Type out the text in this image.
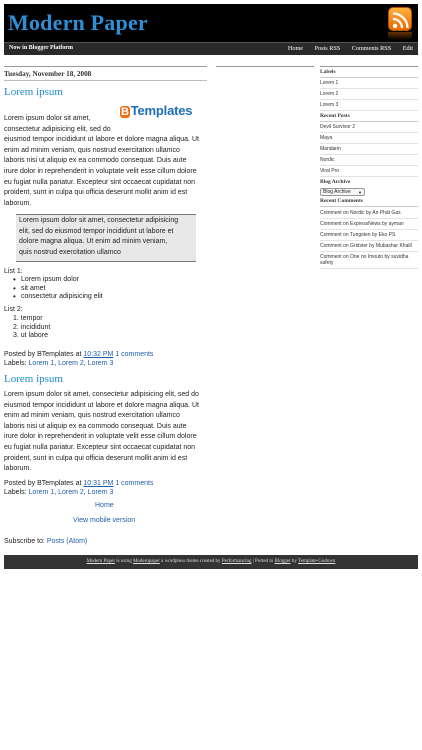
Modern Paper
Now in Blogger Platform	Home Posts RSS Comments RSS Edit
Tuesday, November 18, 2008
Lorem ipsum
B Templates
Lorem ipsum dolor sit amet,
consectetur adipisicing elit, sed do
eiusmod tempor incididunt ut labore et dolore magna aliqua. Ut
enim ad minim veniam, quis nostrud exercitation ullamco
laboris nisi ut aliquip ex ea commodo consequat. Duis aute
irure dolor in reprehenderit in voluptate velit esse cillum dolore
eu fugiat nulla pariatur. Excepteur sint occaecat cupidatat non
proident, sunt in culpa qui officia deserunt mollit anim id est
laborum.
Lorem ipsum dolor sit amet, consectetur adipisicing
elit, sed do eiusmod tempor incididunt ut labore et
dolore magna aliqua. Ut enim ad minim veniam,
quis nostrud exercitation ullamco
List 1:
• Lorem ipsum dolor
• sit amet
• consectetur adipisicing elit
List 2:
1. tempor
2. incididunt
3. ut labore
Posted by BTemplates at 10:32 PM 1 comments
Labels: Lorem 1, Lorem 2, Lorem 3
Lorem ipsum
Lorem ipsum dolor sit amet, consectetur adipisicing elit, sed do
eiusmod tempor incididunt ut labore et dolore magna aliqua. Ut
enim ad minim veniam, quis nostrud exercitation ullamco
laboris nisi ut aliquip ex ea commodo consequat. Duis aute
irure dolor in reprehenderit in voluptate velit esse cillum dolore
eu fugiat nulla pariatur. Excepteur sint occaecat cupidatat non
proident, sunt in culpa qui officia deserunt mollit anim id est
laborum.
Posted by BTemplates at 10:31 PM 1 comments
Labels: Lorem 1, Lorem 2, Lorem 3
Home
View mobile version
Subscribe to: Posts (Atom)
Labels
Lorem 1
Lorem 2
Lorem 3
Recent Posts
Devil Survivor 2
Maya
Mandarin
Nordic
Viral Pro
Blog Archive
Blog Archive ▼
Recent Comments
Comment on Nordic by An Phát Gas
Comment on ExpressNews by ayman
Comment on Tungsten by Eko PS
Comment on Gridster by Mubashar Khalil
Comment on One no Imouto by suvidha safety
Modern Paper is using Modernpaper a wordpress theme created by Performancing | Ported to Blogger by Template-Godown
